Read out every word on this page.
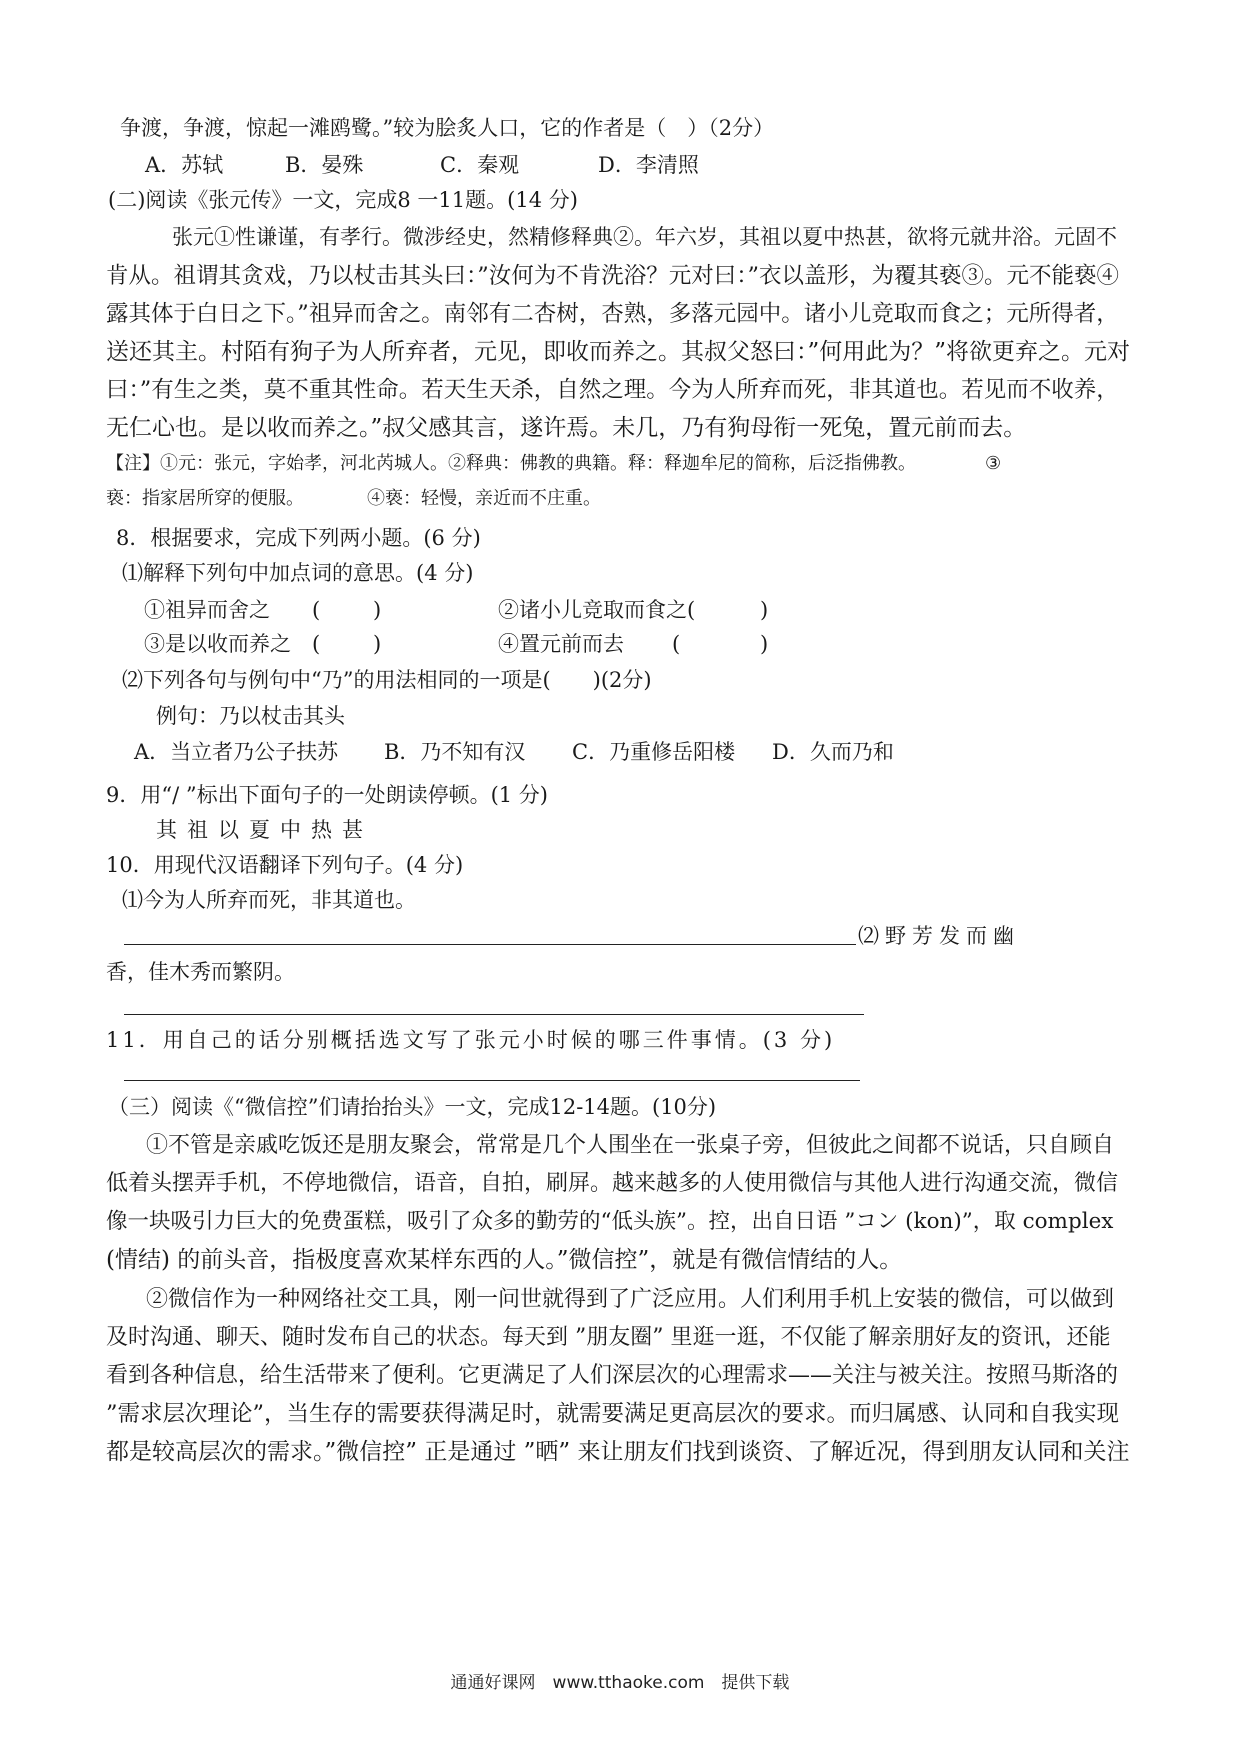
争渡，争渡，惊起一滩鸥鹭。”较为脍炙人口，它的作者是（　）（2分）
A．苏轼	B．晏殊	C．秦观	D．李清照
(二)阅读《张元传》一文，完成8 一11题。(14 分)
张元①性谦谨，有孝行。微涉经史，然精修释典②。年六岁，其祖以夏中热甚，欲将元就井浴。元固不
肯从。祖谓其贪戏，乃以杖击其头曰：”汝何为不肯洗浴？元对曰：”衣以盖形，为覆其亵③。元不能亵④
露其体于白日之下。”祖异而舍之。南邻有二杏树，杏熟，多落元园中。诸小儿竞取而食之；元所得者，
送还其主。村陌有狗子为人所弃者，元见，即收而养之。其叔父怒曰：”何用此为？”将欲更弃之。元对
曰：”有生之类，莫不重其性命。若天生天杀，自然之理。今为人所弃而死，非其道也。若见而不收养，
无仁心也。是以收而养之。”叔父感其言，遂许焉。未几，乃有狗母衔一死兔，置元前而去。
【注】①元：张元，字始孝，河北芮城人。②释典：佛教的典籍。释：释迦牟尼的简称，后泛指佛教。	③
亵：指家居所穿的便服。　　　　④亵：轻慢，亲近而不庄重。
8．根据要求，完成下列两小题。(6 分)
⑴解释下列句中加点词的意思。(4 分)
①祖异而舍之 (	)	②诸小儿竞取而食之(	)
③是以收而养之 (	)	④置元前而去 (	)
⑵下列各句与例句中“乃”的用法相同的一项是(　　)(2分)
例句：乃以杖击其头
A．当立者乃公子扶苏 B．乃不知有汉 C．乃重修岳阳楼 D．久而乃和
9．用“/ ”标出下面句子的一处朗读停顿。(1 分)
其祖以夏中热甚
10．用现代汉语翻译下列句子。(4 分)
⑴今为人所弃而死，非其道也。
⑵野芳发而幽
香，佳木秀而繁阴。
11．用自己的话分别概括选文写了张元小时候的哪三件事情。(3 分)
（三）阅读《“微信控”们请抬抬头》一文，完成12-14题。(10分)
①不管是亲戚吃饭还是朋友聚会，常常是几个人围坐在一张桌子旁，但彼此之间都不说话，只自顾自
低着头摆弄手机，不停地微信，语音，自拍，刷屏。越来越多的人使用微信与其他人进行沟通交流，微信
像一块吸引力巨大的免费蛋糕，吸引了众多的勤劳的“低头族”。控，出自日语 ”コン (kon)”，取 complex
(情结) 的前头音，指极度喜欢某样东西的人。”微信控”，就是有微信情结的人。
②微信作为一种网络社交工具，刚一问世就得到了广泛应用。人们利用手机上安装的微信，可以做到
及时沟通、聊天、随时发布自己的状态。每天到 ”朋友圈” 里逛一逛，不仅能了解亲朋好友的资讯，还能
看到各种信息，给生活带来了便利。它更满足了人们深层次的心理需求——关注与被关注。按照马斯洛的
”需求层次理论”，当生存的需要获得满足时，就需要满足更高层次的要求。而归属感、认同和自我实现
都是较高层次的需求。”微信控” 正是通过 ”晒” 来让朋友们找到谈资、了解近况，得到朋友认同和关注
通通好课网　www.tthaoke.com　提供下载
